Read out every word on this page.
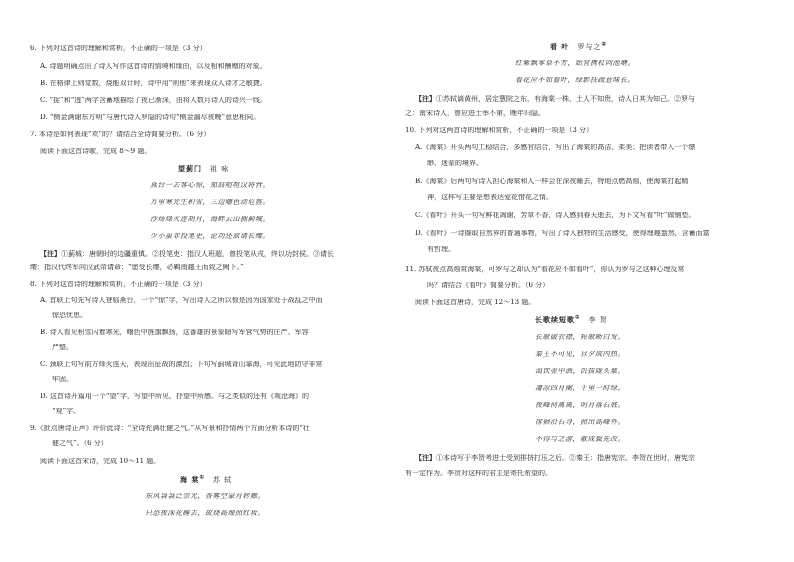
6. 下列对这首诗的理解和赏析，不正确的一项是（3 分）

A. 诗题明确点出了诗人写作这首诗的情境和缘由，以及相和酬赠的对象。

B. 在格律上则觉数，烧能双计时，诗中用“则他”来表现众人诗才之敏捷。

C. “捉”和“透”两字含蓄地描绘了夜已渐深，由将人数月诗人的诗兴一线。

D. “侧金满谢东方明”与唐代诗人罗隐的诗句“侧金漏尽夜晚”意思相同。

7. 本诗是如何表现“欢”的？请结合全诗简要分析。（6 分）

阅读下面这首诗歌，完成 8～9 题。

望蓟门 祖 咏

燕台一去客心惊，笳鼓喧喧汉将营。

万里寒光生积雪，三边曙色动危旌。

沙场烽火连胡月，海畔云山拥蓟城。

少小虽非投笔吏，论功还欲请长缨。

【注】①蓟城：唐朝时的边疆重镇。②投笔吏：指汉人班超，曾投笔从戎，终以功封侯。③请长

缨：指汉代终军向汉武帝请命：“愿受长缨，必羁南越王而致之阙下。”

8. 下列对这首诗的理解和赏析，不正确的一项是（3 分）

A. 首联上句先写诗人登临燕台，一个“惊”字，写出诗人之所以惊是因为国家处于战乱之中而

惊恐忧患。

B. 诗人看见积雪闪着寒光，曙色中旌旗飘扬，这番雄的景象暗写军营气势的庄严、军容

严整。

C. 颈联上句写前方烽火连天，表现出征战的激烈；下句写蓟城背山靠海，可见此地防守非常

牢固。

D. 这首诗开篇用一个“望”字，写望中所见，抒望中所感。与之类似的还有《观沧海》的

“观”字。

9.《批点唐诗正声》评价此诗：“全诗充满壮健之气。”从写景和抒情两个方面分析本诗的“壮

健之气”。（6 分）

阅读下面这首宋诗，完成 10～11 题。

海 棠① 苏 轼

东风袅袅泛崇光，香雾空蒙月转廊。

只恐夜深花睡去，故烧高烛照红妆。

看 叶 罗与之②

红紫飘零草不芳，始宜携杖向池塘。

看花应不如看叶，绿影扶疏意味长。

【注】①苏轼谪黄州，居定慧院之东，有海棠一株，土人不知贵，诗人日其为知己。②罗与

之：南宋诗人，曾应进士举不第，晚年归隐。

10. 下列对这两首诗的理解和赏析，不正确的一项是（3 分）

A.《海棠》开头两句工稳结合，多感官结合，写出了海棠的高洁、柔美；把读者带入一个缥

缈、迷蒙的境界。

B.《海棠》后两句写诗人担心海棠和人一样会在深夜睡去，特地点燃高烛，使海棠打起精

神，这样写主要是想表达爱花惜花之情。

C.《看叶》开头一句写鲜花凋谢，芳草不香，诗人感到春天逝去，为下文写看“叶”做铺垫。

D.《看叶》一诗撷取自然界的普通事物，写出了诗人独特的生活感受，使得理趣盎然，含蓄而富

有哲理。

11. 苏轼夜点高烛赏海棠，可罗与之却认为“看花应不如看叶”，你认为罗与之这种心理反常

吗？请结合《看叶》简要分析。（6 分）

阅读下面这首唐诗，完成 12～13 题。

长歌续短歌① 李 贺

长歌破衣襟，短歌断白发。

秦王不可见，旦夕成内热。

渴饮壶中酒，饥拔陇头粟。

凄凉四月阑，千里一时绿。

夜峰何离离，明月落石底。

徘徊沿石寻，照出高峰外。

不得与之游，歌成鬓先改。

【注】①本诗写于李贺考进士受到排挤打压之后。②秦王：指唐宪宗。李贺在世时，唐宪宗

有一定作为。李贺对这样的君主是寄托希望的。
